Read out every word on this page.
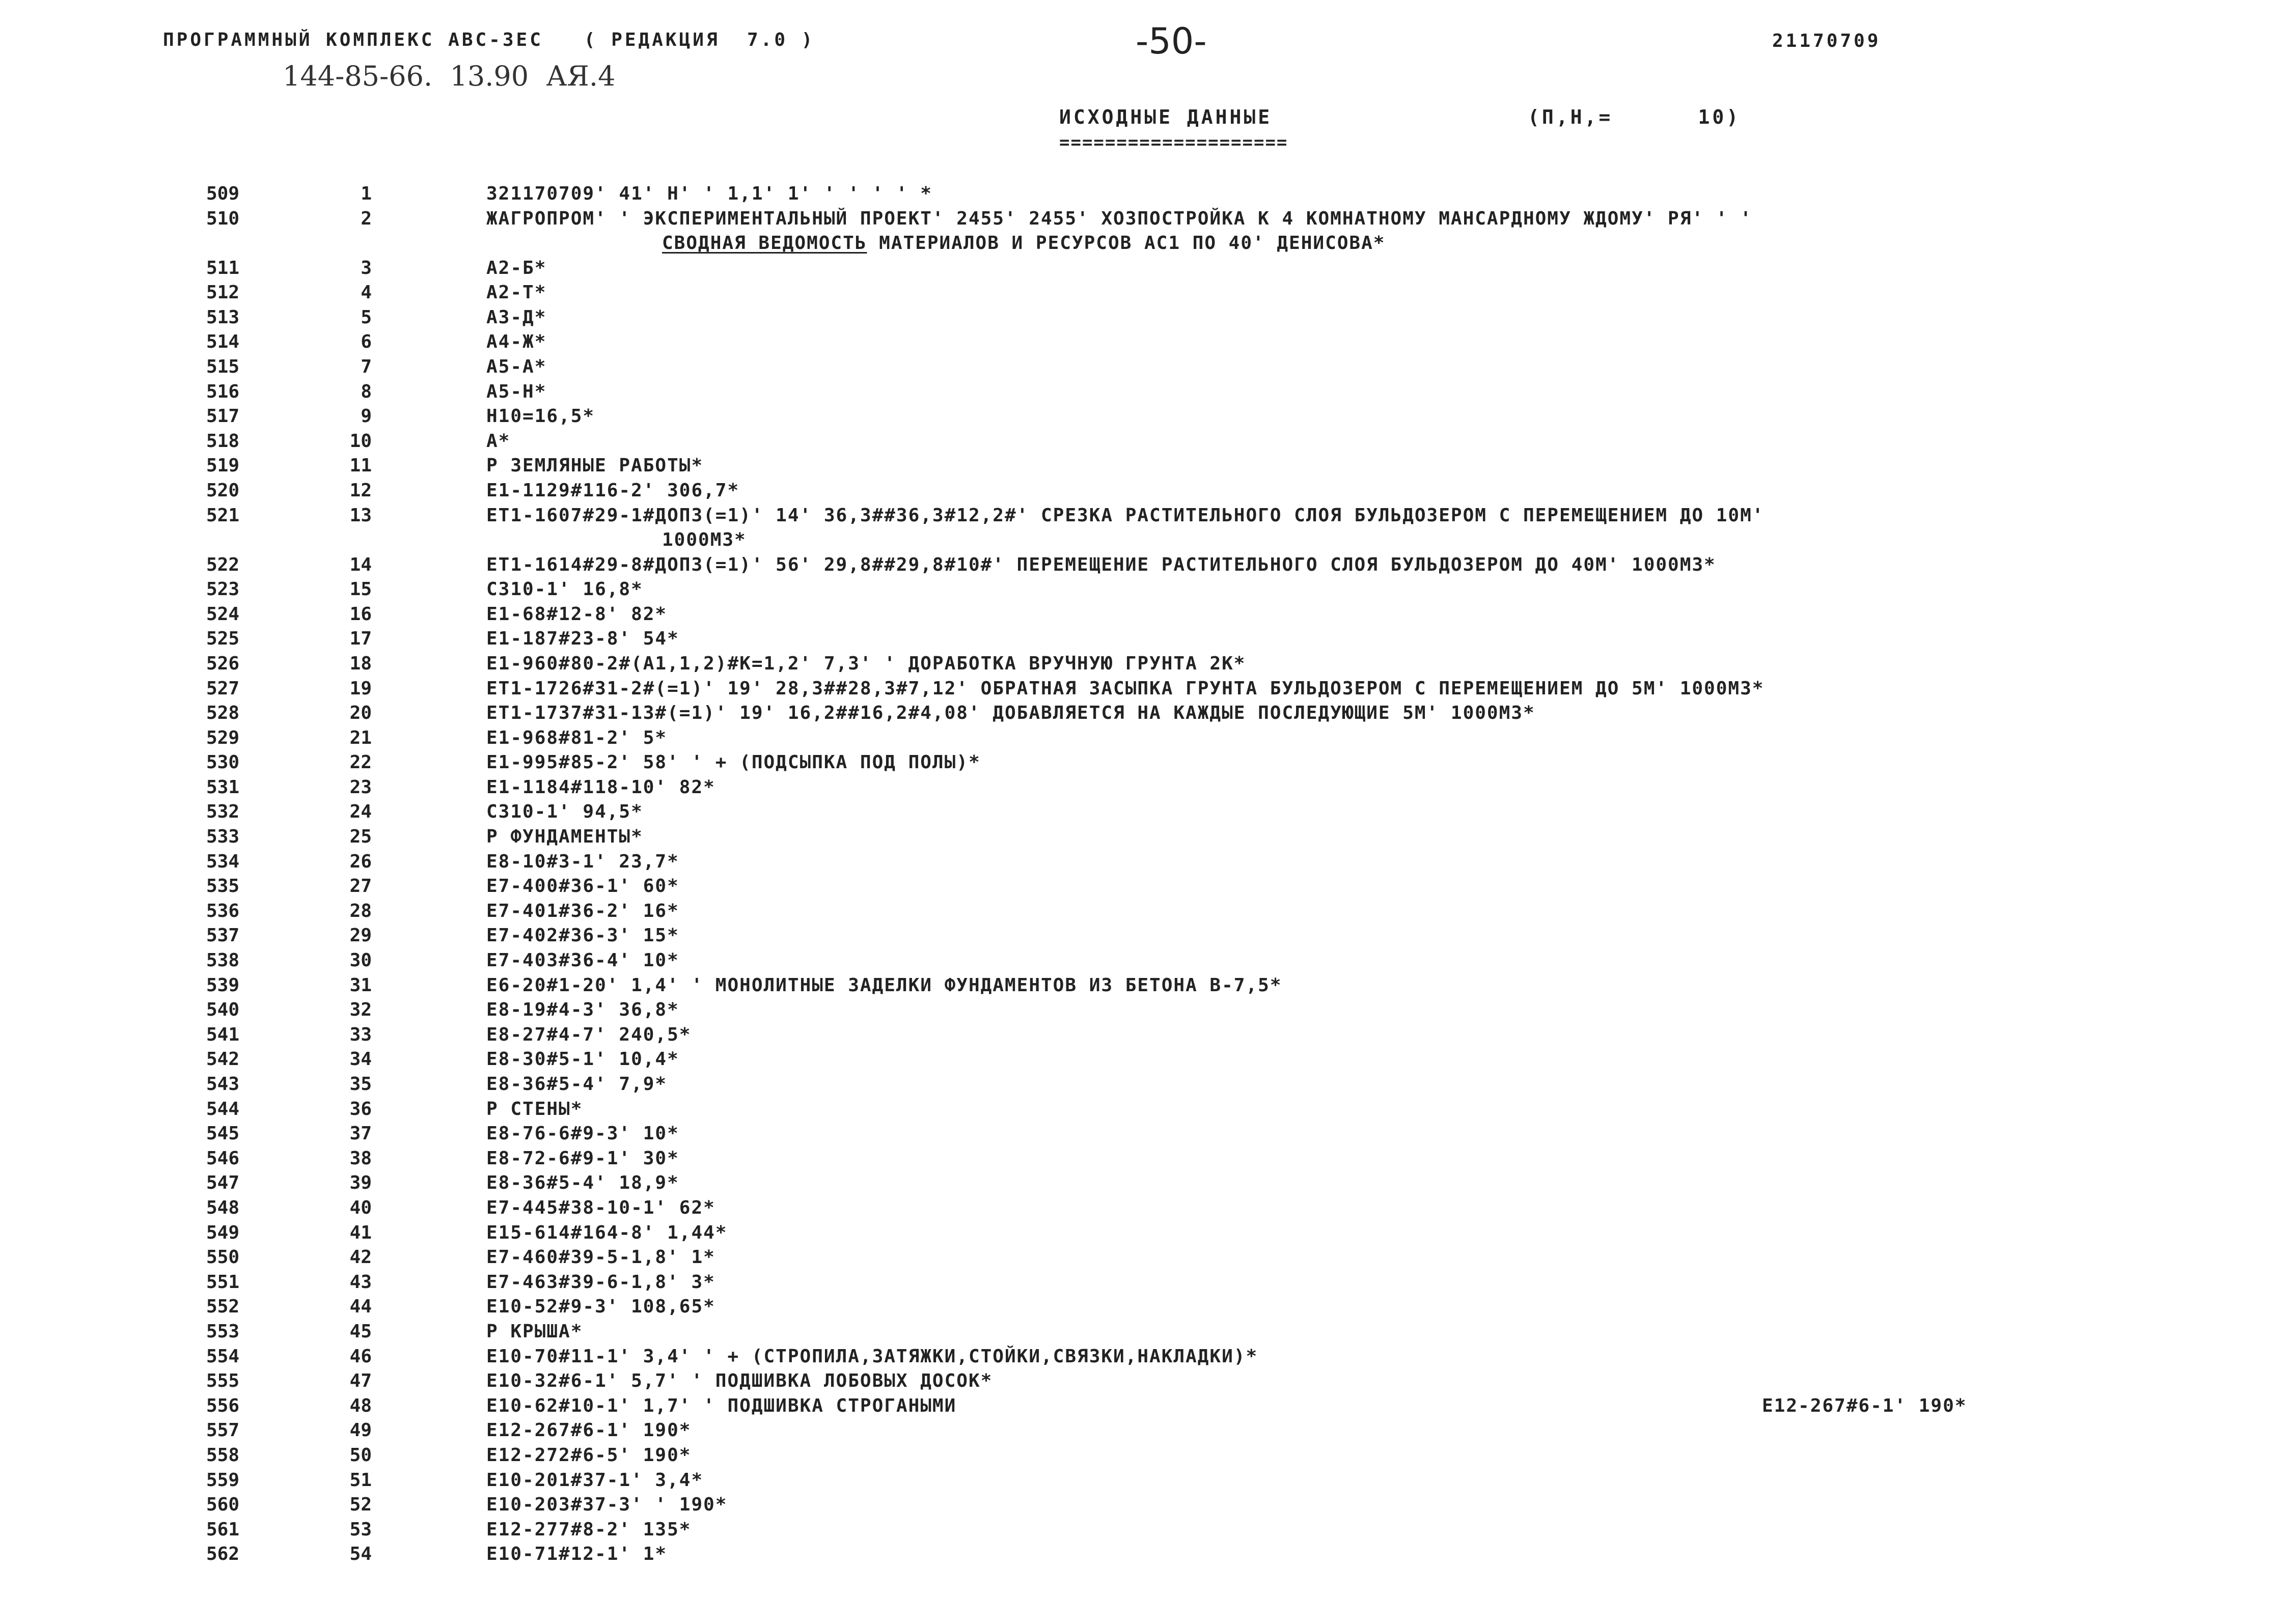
ПРОГРАММНЫЙ КОМПЛЕКС АВС-3ЕС   ( РЕДАКЦИЯ  7.0 )	-50-	21170709
144-85-66.  13.90  АЯ.4
ИСХОДНЫЕ ДАННЫЕ
====================
(П,Н,=      10)
509	1	321170709' 41' Н' ' 1,1' 1' ' ' ' ' *
510	2	ЖАГРОПРОМ' ' ЭКСПЕРИМЕНТАЛЬНЫЙ ПРОЕКТ' 2455' 2455' ХОЗПОСТРОЙКА К 4 КОМНАТНОМУ МАНСАРДНОМУ ЖДОМУ' РЯ' ' '
СВОДНАЯ ВЕДОМОСТЬ МАТЕРИАЛОВ И РЕСУРСОВ АС1 ПО 40' ДЕНИСОВА*
511	3	А2-Б*
512	4	А2-Т*
513	5	А3-Д*
514	6	А4-Ж*
515	7	А5-А*
516	8	А5-Н*
517	9	Н10=16,5*
518	10	А*
519	11	Р ЗЕМЛЯНЫЕ РАБОТЫ*
520	12	Е1-1129#116-2' 306,7*
521	13	ЕТ1-1607#29-1#ДОП3(=1)' 14' 36,3##36,3#12,2#' СРЕЗКА РАСТИТЕЛЬНОГО СЛОЯ БУЛЬДОЗЕРОМ С ПЕРЕМЕЩЕНИЕМ ДО 10М'
1000М3*
522	14	ЕТ1-1614#29-8#ДОП3(=1)' 56' 29,8##29,8#10#' ПЕРЕМЕЩЕНИЕ РАСТИТЕЛЬНОГО СЛОЯ БУЛЬДОЗЕРОМ ДО 40М' 1000М3*
523	15	С310-1' 16,8*
524	16	Е1-68#12-8' 82*
525	17	Е1-187#23-8' 54*
526	18	Е1-960#80-2#(А1,1,2)#К=1,2' 7,3' ' ДОРАБОТКА ВРУЧНУЮ ГРУНТА 2К*
527	19	ЕТ1-1726#31-2#(=1)' 19' 28,3##28,3#7,12' ОБРАТНАЯ ЗАСЫПКА ГРУНТА БУЛЬДОЗЕРОМ С ПЕРЕМЕЩЕНИЕМ ДО 5М' 1000М3*
528	20	ЕТ1-1737#31-13#(=1)' 19' 16,2##16,2#4,08' ДОБАВЛЯЕТСЯ НА КАЖДЫЕ ПОСЛЕДУЮЩИЕ 5М' 1000М3*
529	21	Е1-968#81-2' 5*
530	22	Е1-995#85-2' 58' ' + (ПОДСЫПКА ПОД ПОЛЫ)*
531	23	Е1-1184#118-10' 82*
532	24	С310-1' 94,5*
533	25	Р ФУНДАМЕНТЫ*
534	26	Е8-10#3-1' 23,7*
535	27	Е7-400#36-1' 60*
536	28	Е7-401#36-2' 16*
537	29	Е7-402#36-3' 15*
538	30	Е7-403#36-4' 10*
539	31	Е6-20#1-20' 1,4' ' МОНОЛИТНЫЕ ЗАДЕЛКИ ФУНДАМЕНТОВ ИЗ БЕТОНА В-7,5*
540	32	Е8-19#4-3' 36,8*
541	33	Е8-27#4-7' 240,5*
542	34	Е8-30#5-1' 10,4*
543	35	Е8-36#5-4' 7,9*
544	36	Р СТЕНЫ*
545	37	Е8-76-6#9-3' 10*
546	38	Е8-72-6#9-1' 30*
547	39	Е8-36#5-4' 18,9*
548	40	Е7-445#38-10-1' 62*
549	41	Е15-614#164-8' 1,44*
550	42	Е7-460#39-5-1,8' 1*
551	43	Е7-463#39-6-1,8' 3*
552	44	Е10-52#9-3' 108,65*
553	45	Р КРЫША*
554	46	Е10-70#11-1' 3,4' ' + (СТРОПИЛА,ЗАТЯЖКИ,СТОЙКИ,СВЯЗКИ,НАКЛАДКИ)*
555	47	Е10-32#6-1' 5,7' ' ПОДШИВКА ЛОБОВЫХ ДОСОК*
556	48	Е10-62#10-1' 1,7' ' ПОДШИВКА СТРОГАНЫМИ	Е12-267#6-1' 190*
557	49	Е12-267#6-1' 190*
558	50	Е12-272#6-5' 190*
559	51	Е10-201#37-1' 3,4*
560	52	Е10-203#37-3' ' 190*
561	53	Е12-277#8-2' 135*
562	54	Е10-71#12-1' 1*
